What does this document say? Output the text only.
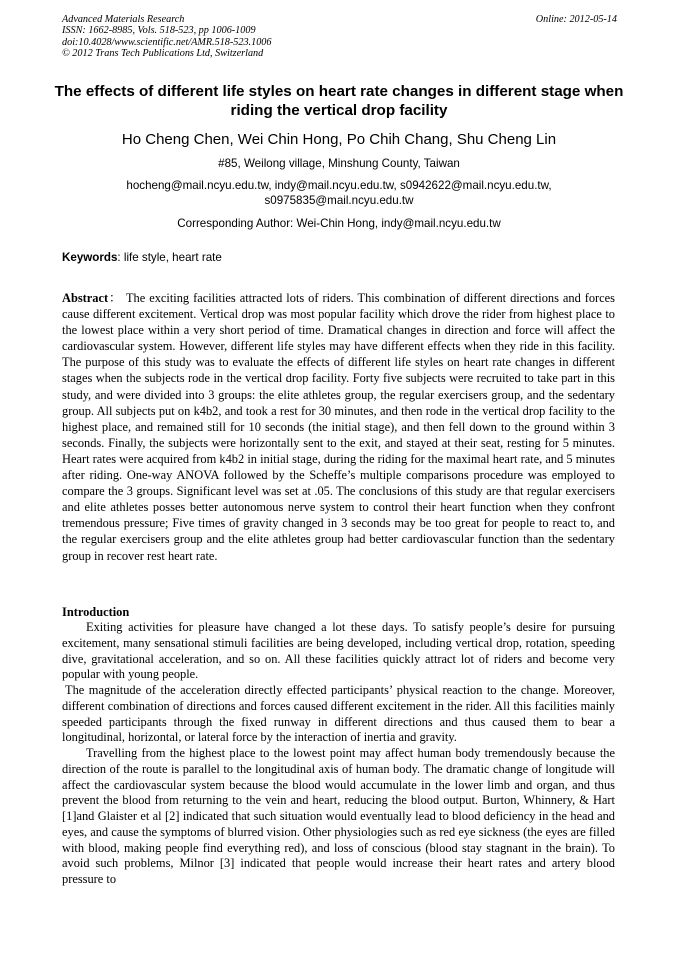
Advanced Materials Research
ISSN: 1662-8985, Vols. 518-523, pp 1006-1009
doi:10.4028/www.scientific.net/AMR.518-523.1006
© 2012 Trans Tech Publications Ltd, Switzerland
Online: 2012-05-14
The effects of different life styles on heart rate changes in different stage when riding the vertical drop facility
Ho Cheng Chen, Wei Chin Hong, Po Chih Chang, Shu Cheng Lin
#85, Weilong village, Minshung County, Taiwan
hocheng@mail.ncyu.edu.tw, indy@mail.ncyu.edu.tw, s0942622@mail.ncyu.edu.tw, s0975835@mail.ncyu.edu.tw
Corresponding Author: Wei-Chin Hong, indy@mail.ncyu.edu.tw
Keywords: life style, heart rate
Abstract： The exciting facilities attracted lots of riders. This combination of different directions and forces cause different excitement. Vertical drop was most popular facility which drove the rider from highest place to the lowest place within a very short period of time. Dramatical changes in direction and force will affect the cardiovascular system. However, different life styles may have different effects when they ride in this facility. The purpose of this study was to evaluate the effects of different life styles on heart rate changes in different stages when the subjects rode in the vertical drop facility. Forty five subjects were recruited to take part in this study, and were divided into 3 groups: the elite athletes group, the regular exercisers group, and the sedentary group. All subjects put on k4b2, and took a rest for 30 minutes, and then rode in the vertical drop facility to the highest place, and remained still for 10 seconds (the initial stage), and then fell down to the ground within 3 seconds. Finally, the subjects were horizontally sent to the exit, and stayed at their seat, resting for 5 minutes. Heart rates were acquired from k4b2 in initial stage, during the riding for the maximal heart rate, and 5 minutes after riding. One-way ANOVA followed by the Scheffe’s multiple comparisons procedure was employed to compare the 3 groups. Significant level was set at .05. The conclusions of this study are that regular exercisers and elite athletes posses better autonomous nerve system to control their heart function when they confront tremendous pressure; Five times of gravity changed in 3 seconds may be too great for people to react to, and the regular exercisers group and the elite athletes group had better cardiovascular function than the sedentary group in recover rest heart rate.
Introduction

Exiting activities for pleasure have changed a lot these days. To satisfy people’s desire for pursuing excitement, many sensational stimuli facilities are being developed, including vertical drop, rotation, speeding dive, gravitational acceleration, and so on. All these facilities quickly attract lot of riders and become very popular with young people.

The magnitude of the acceleration directly effected participants’ physical reaction to the change. Moreover, different combination of directions and forces caused different excitement in the rider. All this facilities mainly speeded participants through the fixed runway in different directions and thus caused them to bear a longitudinal, horizontal, or lateral force by the interaction of inertia and gravity.

Travelling from the highest place to the lowest point may affect human body tremendously because the direction of the route is parallel to the longitudinal axis of human body. The dramatic change of longitude will affect the cardiovascular system because the blood would accumulate in the lower limb and organ, and thus prevent the blood from returning to the vein and heart, reducing the blood output. Burton, Whinnery, & Hart [1]and Glaister et al [2] indicated that such situation would eventually lead to blood deficiency in the head and eyes, and cause the symptoms of blurred vision. Other physiologies such as red eye sickness (the eyes are filled with blood, making people find everything red), and loss of conscious (blood stay stagnant in the brain). To avoid such problems, Milnor [3] indicated that people would increase their heart rates and artery blood pressure to
